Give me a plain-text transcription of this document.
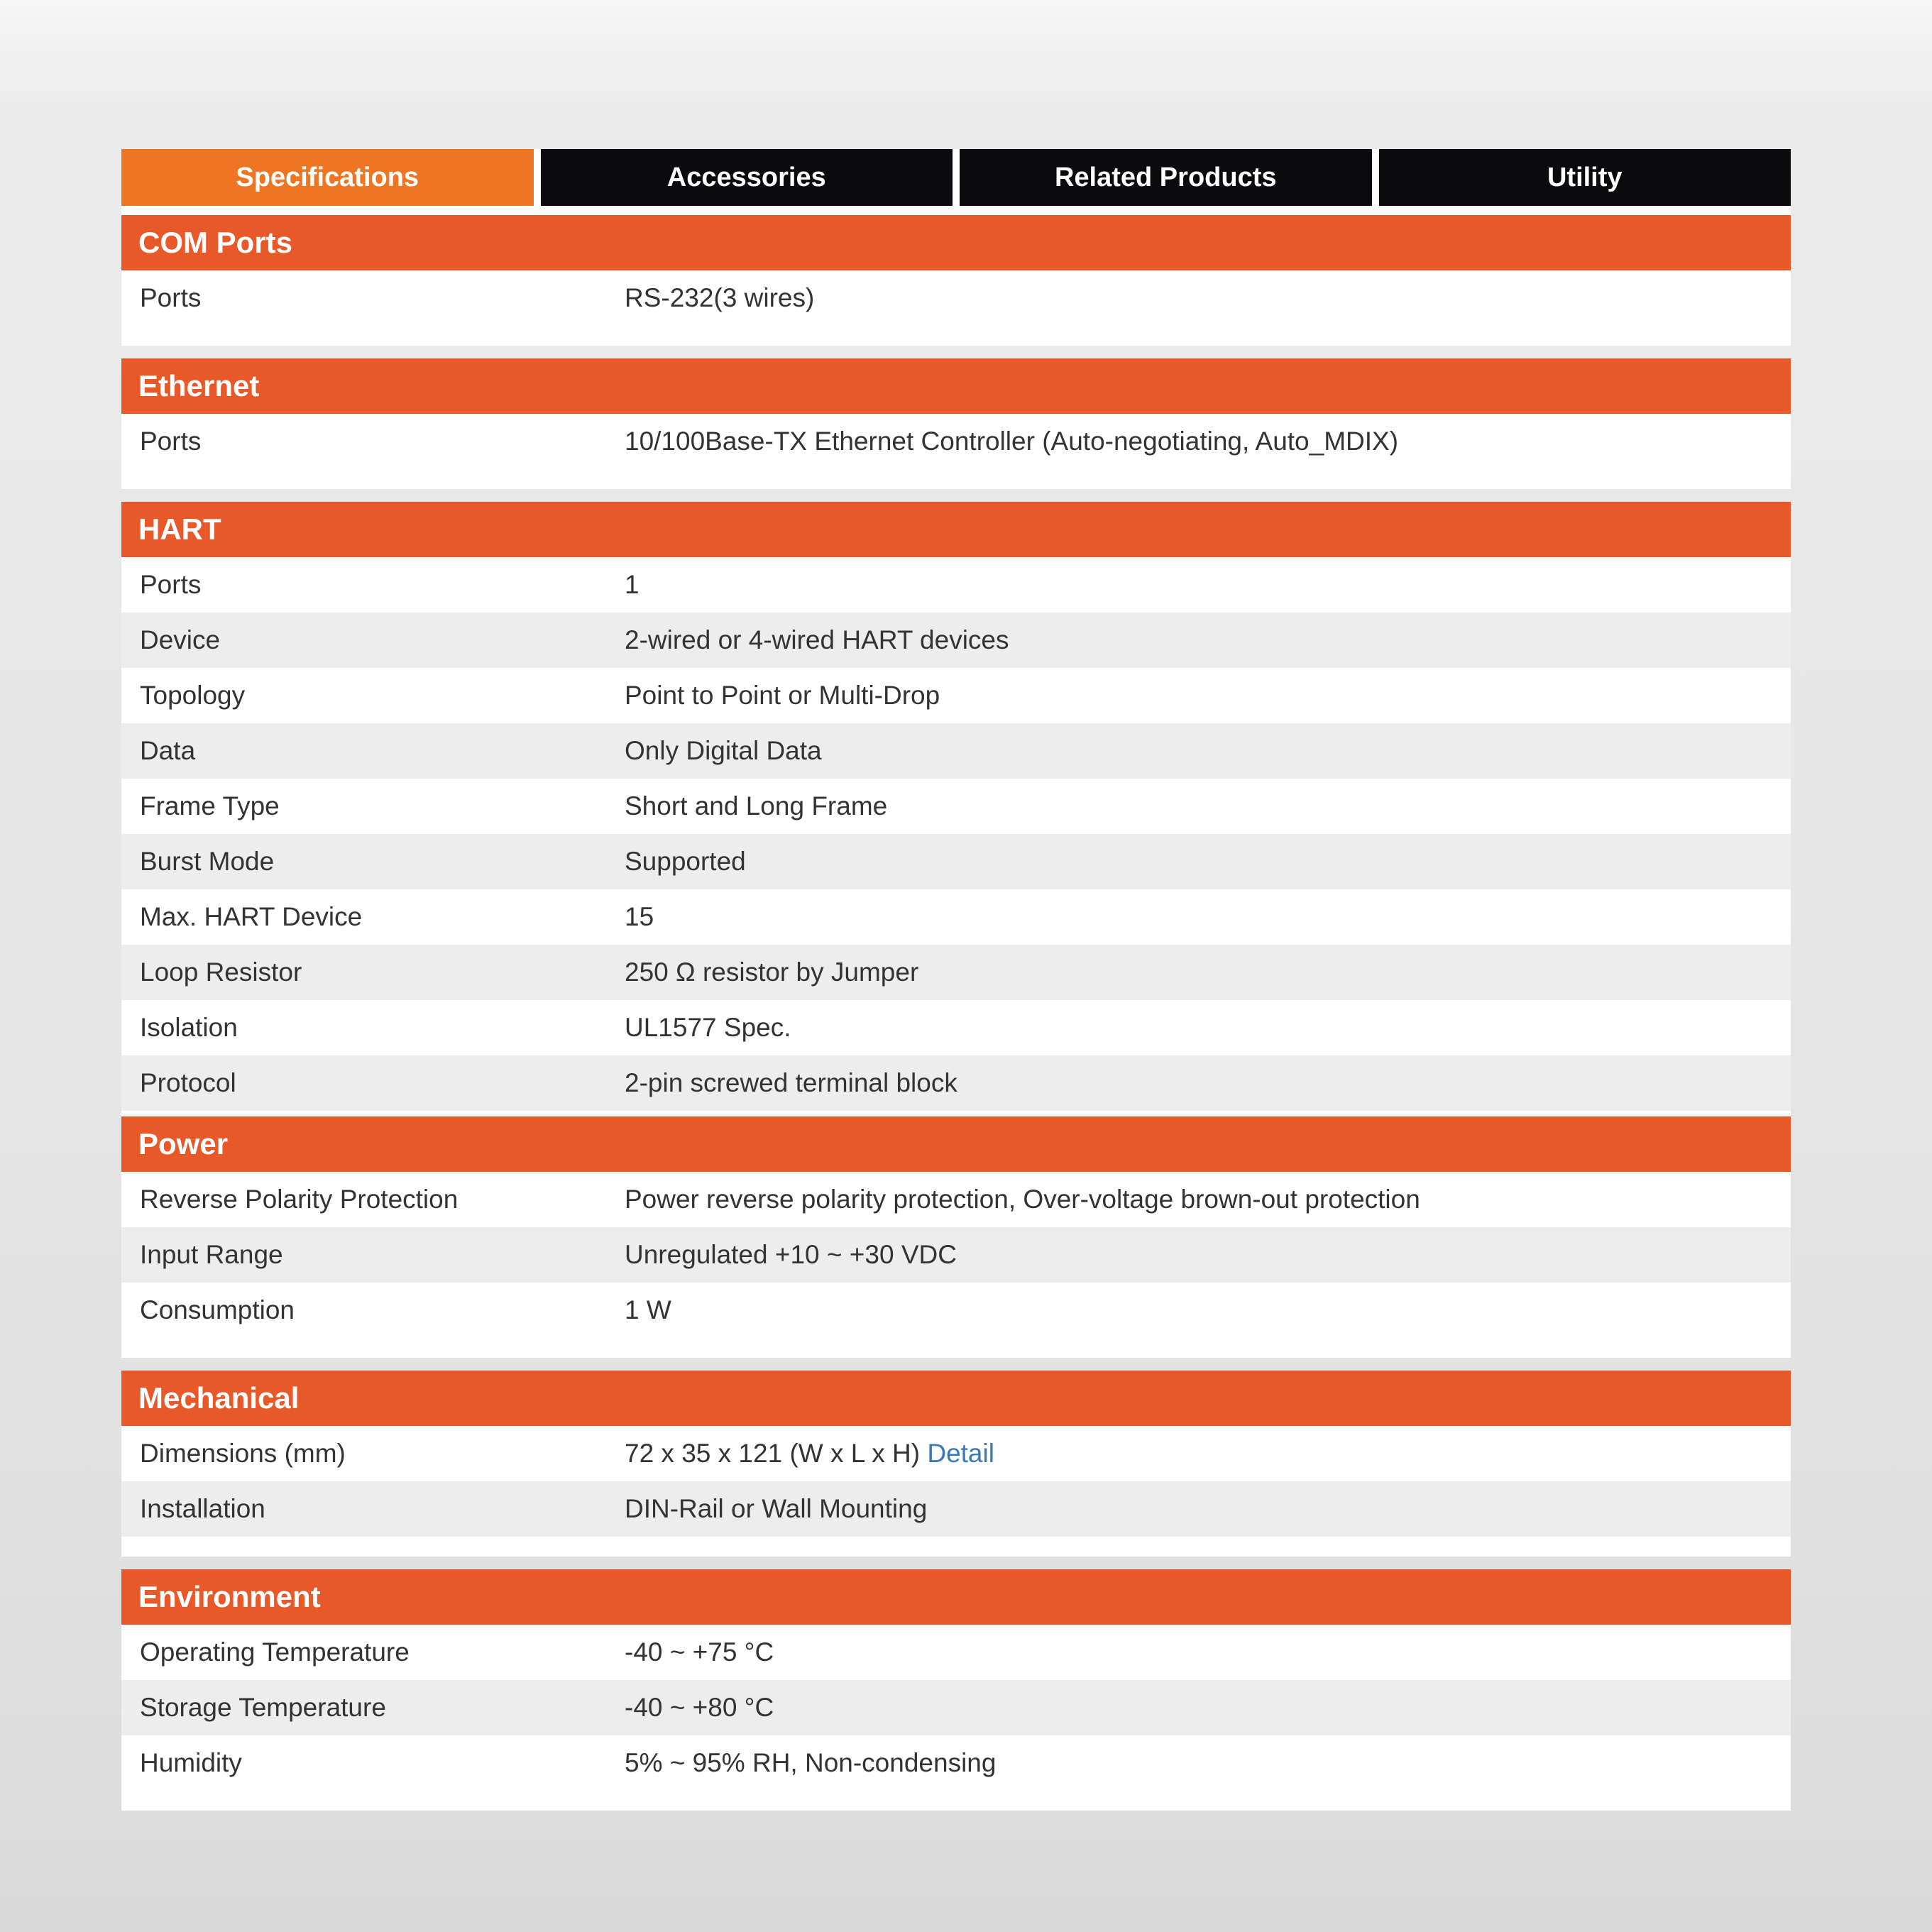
Specifications	Accessories	Related Products	Utility
COM Ports
Ports	RS-232(3 wires)
Ethernet
Ports	10/100Base-TX Ethernet Controller (Auto-negotiating, Auto_MDIX)
HART
Ports	1
Device	2-wired or 4-wired HART devices
Topology	Point to Point or Multi-Drop
Data	Only Digital Data
Frame Type	Short and Long Frame
Burst Mode	Supported
Max. HART Device	15
Loop Resistor	250 Ω resistor by Jumper
Isolation	UL1577 Spec.
Protocol	2-pin screwed terminal block
Power
Reverse Polarity Protection	Power reverse polarity protection, Over-voltage brown-out protection
Input Range	Unregulated +10 ~ +30 VDC
Consumption	1 W
Mechanical
Dimensions (mm)	72 x 35 x 121 (W x L x H) Detail
Installation	DIN-Rail or Wall Mounting
Environment
Operating Temperature	-40 ~ +75 °C
Storage Temperature	-40 ~ +80 °C
Humidity	5% ~ 95% RH, Non-condensing
